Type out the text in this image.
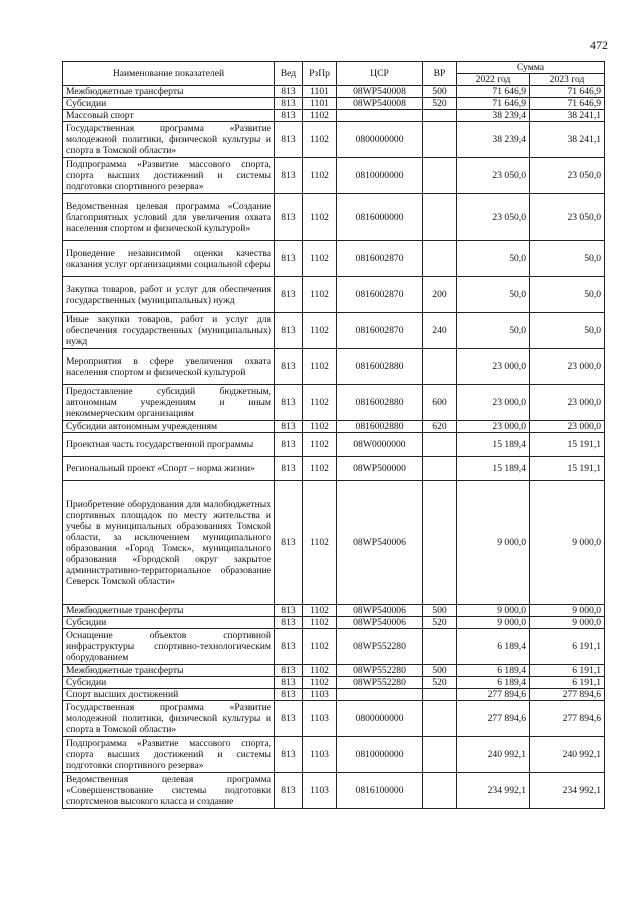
472
Наименование показателей	Вед	РзПр	ЦСР	ВР	Сумма	
					2022 год	2023 год
Межбюджетные трансферты	813	1101	08WP540008	500	71 646,9	71 646,9
Субсидии	813	1101	08WP540008	520	71 646,9	71 646,9
Массовый спорт	813	1102			38 239,4	38 241,1
Государственная программа «Развитие молодежной политики, физической культуры и спорта в Томской области»	813	1102	0800000000		38 239,4	38 241,1
Подпрограмма «Развитие массового спорта, спорта высших достижений и системы подготовки спортивного резерва»	813	1102	0810000000		23 050,0	23 050,0
Ведомственная целевая программа «Создание благоприятных условий для увеличения охвата населения спортом и физической культурой»	813	1102	0816000000		23 050,0	23 050,0
Проведение независимой оценки качества оказания услуг организациями социальной сферы	813	1102	0816002870		50,0	50,0
Закупка товаров, работ и услуг для обеспечения государственных (муниципальных) нужд	813	1102	0816002870	200	50,0	50,0
Иные закупки товаров, работ и услуг для обеспечения государственных (муниципальных) нужд	813	1102	0816002870	240	50,0	50,0
Мероприятия в сфере увеличения охвата населения спортом и физической культурой	813	1102	0816002880		23 000,0	23 000,0
Предоставление субсидий бюджетным, автономным учреждениям и иным некоммерческим организациям	813	1102	0816002880	600	23 000,0	23 000,0
Субсидии автономным учреждениям	813	1102	0816002880	620	23 000,0	23 000,0
Проектная часть государственной программы	813	1102	08W0000000		15 189,4	15 191,1
Региональный проект «Спорт – норма жизни»	813	1102	08WP500000		15 189,4	15 191,1
Приобретение оборудования для малобюджетных спортивных площадок по месту жительства и учебы в муниципальных образованиях Томской области, за исключением муниципального образования «Город Томск», муниципального образования «Городской округ закрытое административно-территориальное образование Северск Томской области»	813	1102	08WP540006		9 000,0	9 000,0
Межбюджетные трансферты	813	1102	08WP540006	500	9 000,0	9 000,0
Субсидии	813	1102	08WP540006	520	9 000,0	9 000,0
Оснащение объектов спортивной инфраструктуры спортивно-технологическим оборудованием	813	1102	08WP552280		6 189,4	6 191,1
Межбюджетные трансферты	813	1102	08WP552280	500	6 189,4	6 191,1
Субсидии	813	1102	08WP552280	520	6 189,4	6 191,1
Спорт высших достижений	813	1103			277 894,6	277 894,6
Государственная программа «Развитие молодежной политики, физической культуры и спорта в Томской области»	813	1103	0800000000		277 894,6	277 894,6
Подпрограмма «Развитие массового спорта, спорта высших достижений и системы подготовки спортивного резерва»	813	1103	0810000000		240 992,1	240 992,1
Ведомственная целевая программа «Совершенствование системы подготовки спортсменов высокого класса и создание	813	1103	0816100000		234 992,1	234 992,1
